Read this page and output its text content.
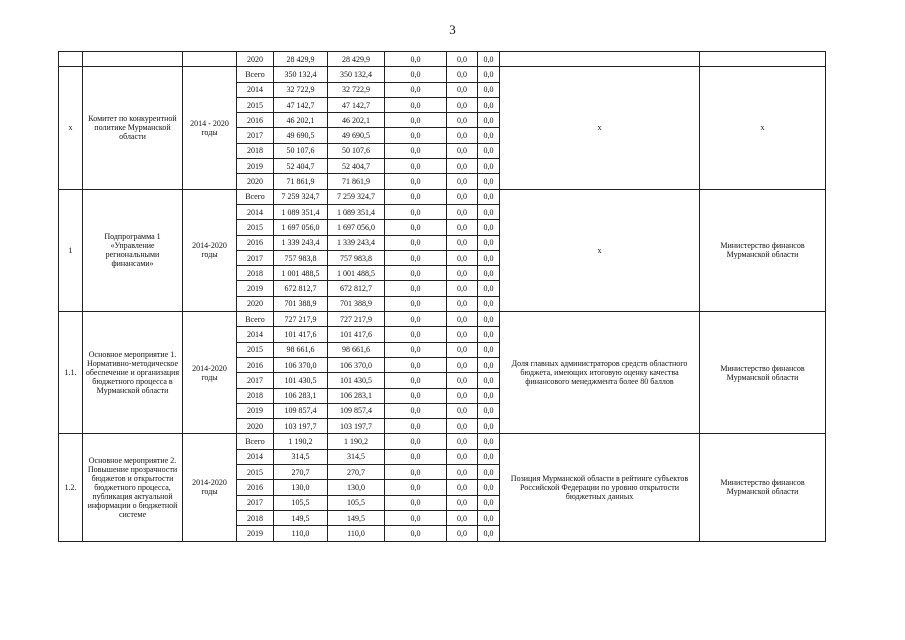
3
			2020	28 429,9	28 429,9	0,0	0,0	0,0		
x	Комитет по конкурентной политике Мурманской области	2014 - 2020 годы	Всего	350 132,4	350 132,4	0,0	0,0	0,0	x	x
			2014	32 722,9	32 722,9	0,0	0,0	0,0		
			2015	47 142,7	47 142,7	0,0	0,0	0,0		
			2016	46 202,1	46 202,1	0,0	0,0	0,0		
			2017	49 690,5	49 690,5	0,0	0,0	0,0		
			2018	50 107,6	50 107,6	0,0	0,0	0,0		
			2019	52 404,7	52 404,7	0,0	0,0	0,0		
			2020	71 861,9	71 861,9	0,0	0,0	0,0		
1	Подпрограмма 1 «Управление региональными финансами»	2014-2020 годы	Всего	7 259 324,7	7 259 324,7	0,0	0,0	0,0	x	Министерство финансов Мурманской области
			2014	1 089 351,4	1 089 351,4	0,0	0,0	0,0		
			2015	1 697 056,0	1 697 056,0	0,0	0,0	0,0		
			2016	1 339 243,4	1 339 243,4	0,0	0,0	0,0		
			2017	757 983,8	757 983,8	0,0	0,0	0,0		
			2018	1 001 488,5	1 001 488,5	0,0	0,0	0,0		
			2019	672 812,7	672 812,7	0,0	0,0	0,0		
			2020	701 388,9	701 388,9	0,0	0,0	0,0		
1.1.	Основное мероприятие 1. Нормативно-методическое обеспечение и организация бюджетного процесса в Мурманской области	2014-2020 годы	Всего	727 217,9	727 217,9	0,0	0,0	0,0	Доля главных администраторов средств областного бюджета, имеющих итоговую оценку качества финансового менеджмента более 80 баллов	Министерство финансов Мурманской области
			2014	101 417,6	101 417,6	0,0	0,0	0,0		
			2015	98 661,6	98 661,6	0,0	0,0	0,0		
			2016	106 370,0	106 370,0	0,0	0,0	0,0		
			2017	101 430,5	101 430,5	0,0	0,0	0,0		
			2018	106 283,1	106 283,1	0,0	0,0	0,0		
			2019	109 857,4	109 857,4	0,0	0,0	0,0		
			2020	103 197,7	103 197,7	0,0	0,0	0,0		
1.2.	Основное мероприятие 2. Повышение прозрачности бюджетов и открытости бюджетного процесса, публикация актуальной информации о бюджетной системе	2014-2020 годы	Всего	1 190,2	1 190,2	0,0	0,0	0,0	Позиция Мурманской области в рейтинге субъектов Российской Федерации по уровню открытости бюджетных данных	Министерство финансов Мурманской области
			2014	314,5	314,5	0,0	0,0	0,0		
			2015	270,7	270,7	0,0	0,0	0,0		
			2016	130,0	130,0	0,0	0,0	0,0		
			2017	105,5	105,5	0,0	0,0	0,0		
			2018	149,5	149,5	0,0	0,0	0,0		
			2019	110,0	110,0	0,0	0,0	0,0		
